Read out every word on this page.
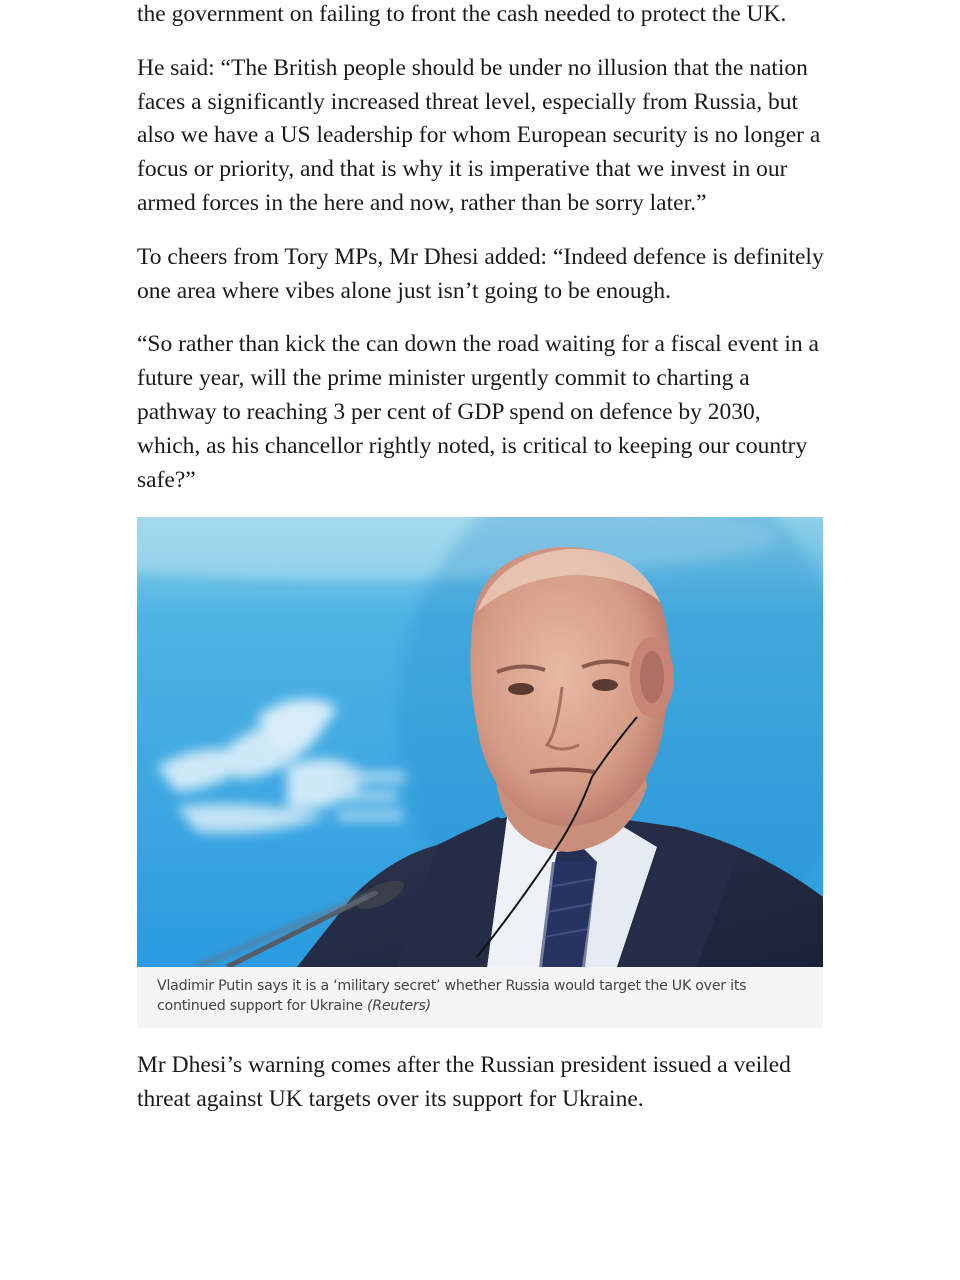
the government on failing to front the cash needed to protect the UK.

He said: “The British people should be under no illusion that the nation faces a significantly increased threat level, especially from Russia, but also we have a US leadership for whom European security is no longer a focus or priority, and that is why it is imperative that we invest in our armed forces in the here and now, rather than be sorry later.”

To cheers from Tory MPs, Mr Dhesi added: “Indeed defence is definitely one area where vibes alone just isn’t going to be enough.

“So rather than kick the can down the road waiting for a fiscal event in a future year, will the prime minister urgently commit to charting a pathway to reaching 3 per cent of GDP spend on defence by 2030, which, as his chancellor rightly noted, is critical to keeping our country safe?”

Vladimir Putin says it is a ‘military secret’ whether Russia would target the UK over its continued support for Ukraine (Reuters)

Mr Dhesi’s warning comes after the Russian president issued a veiled threat against UK targets over its support for Ukraine.
